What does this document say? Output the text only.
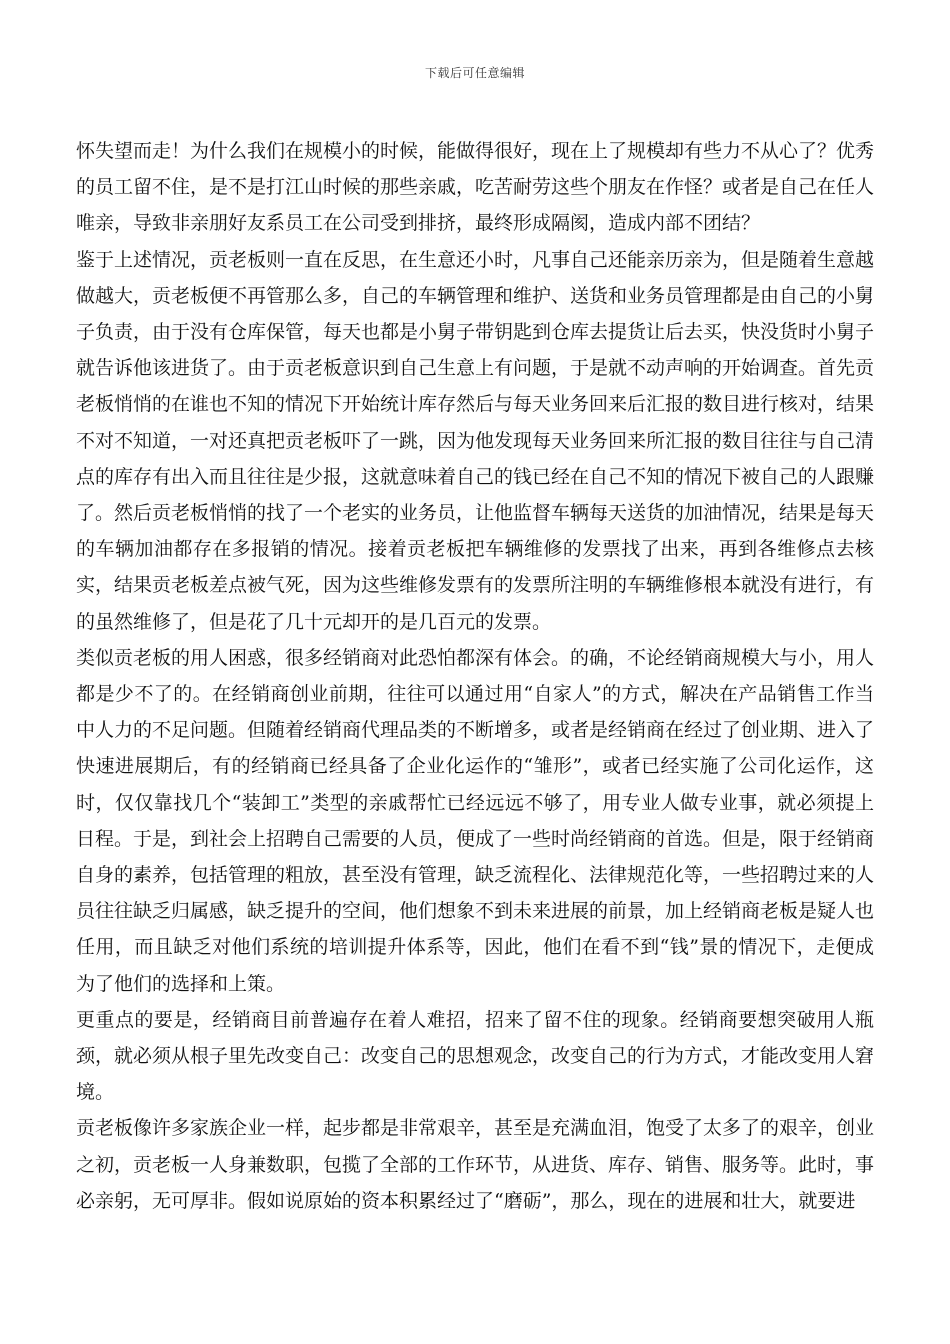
下载后可任意编辑

怀失望而走！为什么我们在规模小的时候，能做得很好，现在上了规模却有些力不从心了？优秀的员工留不住，是不是打江山时候的那些亲戚，吃苦耐劳这些个朋友在作怪？或者是自己在任人唯亲，导致非亲朋好友系员工在公司受到排挤，最终形成隔阂，造成内部不团结？

鉴于上述情况，贡老板则一直在反思，在生意还小时，凡事自己还能亲历亲为，但是随着生意越做越大，贡老板便不再管那么多，自己的车辆管理和维护、送货和业务员管理都是由自己的小舅子负责，由于没有仓库保管，每天也都是小舅子带钥匙到仓库去提货让后去买，快没货时小舅子就告诉他该进货了。由于贡老板意识到自己生意上有问题，于是就不动声响的开始调查。首先贡老板悄悄的在谁也不知的情况下开始统计库存然后与每天业务回来后汇报的数目进行核对，结果不对不知道，一对还真把贡老板吓了一跳，因为他发现每天业务回来所汇报的数目往往与自己清点的库存有出入而且往往是少报，这就意味着自己的钱已经在自己不知的情况下被自己的人跟赚了。然后贡老板悄悄的找了一个老实的业务员，让他监督车辆每天送货的加油情况，结果是每天的车辆加油都存在多报销的情况。接着贡老板把车辆维修的发票找了出来，再到各维修点去核实，结果贡老板差点被气死，因为这些维修发票有的发票所注明的车辆维修根本就没有进行，有的虽然维修了，但是花了几十元却开的是几百元的发票。

类似贡老板的用人困惑，很多经销商对此恐怕都深有体会。的确，不论经销商规模大与小，用人都是少不了的。在经销商创业前期，往往可以通过用“自家人”的方式，解决在产品销售工作当中人力的不足问题。但随着经销商代理品类的不断增多，或者是经销商在经过了创业期、进入了快速进展期后，有的经销商已经具备了企业化运作的“雏形”，或者已经实施了公司化运作，这时，仅仅靠找几个“装卸工”类型的亲戚帮忙已经远远不够了，用专业人做专业事，就必须提上日程。于是，到社会上招聘自己需要的人员，便成了一些时尚经销商的首选。但是，限于经销商自身的素养，包括管理的粗放，甚至没有管理，缺乏流程化、法律规范化等，一些招聘过来的人员往往缺乏归属感，缺乏提升的空间，他们想象不到未来进展的前景，加上经销商老板是疑人也任用，而且缺乏对他们系统的培训提升体系等，因此，他们在看不到“钱”景的情况下，走便成为了他们的选择和上策。

更重点的要是，经销商目前普遍存在着人难招，招来了留不住的现象。经销商要想突破用人瓶颈，就必须从根子里先改变自己：改变自己的思想观念，改变自己的行为方式，才能改变用人窘境。

贡老板像许多家族企业一样，起步都是非常艰辛，甚至是充满血泪，饱受了太多了的艰辛，创业之初，贡老板一人身兼数职，包揽了全部的工作环节，从进货、库存、销售、服务等。此时，事必亲躬，无可厚非。假如说原始的资本积累经过了“磨砺”，那么，现在的进展和壮大，就要进
